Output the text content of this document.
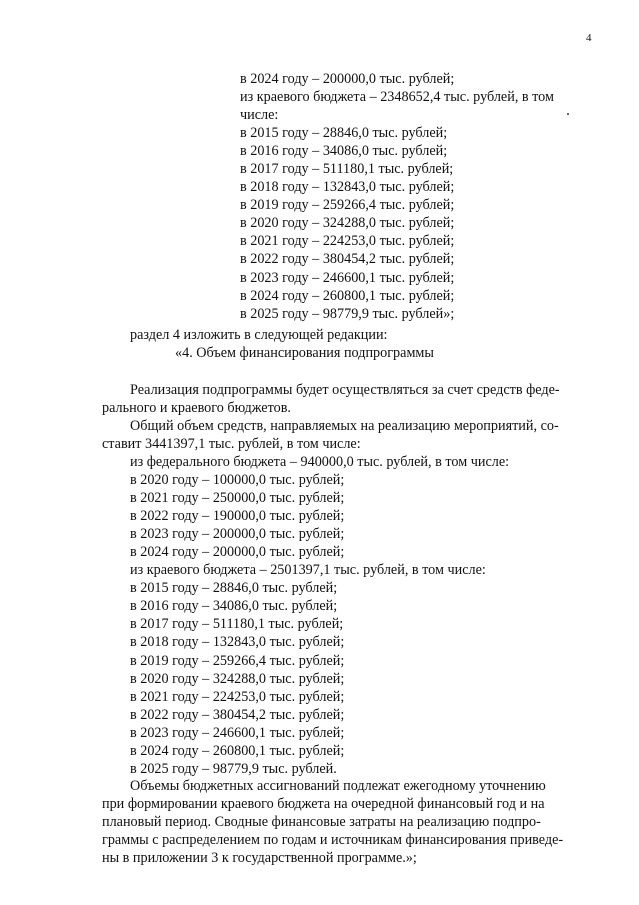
4
в 2024 году – 200000,0 тыс. рублей;
из краевого бюджета – 2348652,4 тыс. рублей, в том
числе:
в 2015 году – 28846,0 тыс. рублей;
в 2016 году – 34086,0 тыс. рублей;
в 2017 году – 511180,1 тыс. рублей;
в 2018 году – 132843,0 тыс. рублей;
в 2019 году – 259266,4 тыс. рублей;
в 2020 году – 324288,0 тыс. рублей;
в 2021 году – 224253,0 тыс. рублей;
в 2022 году – 380454,2 тыс. рублей;
в 2023 году – 246600,1 тыс. рублей;
в 2024 году – 260800,1 тыс. рублей;
в 2025 году – 98779,9 тыс. рублей»;
раздел 4 изложить в следующей редакции:
«4. Объем финансирования подпрограммы
Реализация подпрограммы будет осуществляться за счет средств феде-
рального и краевого бюджетов.
Общий объем средств, направляемых на реализацию мероприятий, со-
ставит 3441397,1 тыс. рублей, в том числе:
из федерального бюджета – 940000,0 тыс. рублей, в том числе:
в 2020 году – 100000,0 тыс. рублей;
в 2021 году – 250000,0 тыс. рублей;
в 2022 году – 190000,0 тыс. рублей;
в 2023 году – 200000,0 тыс. рублей;
в 2024 году – 200000,0 тыс. рублей;
из краевого бюджета – 2501397,1 тыс. рублей, в том числе:
в 2015 году – 28846,0 тыс. рублей;
в 2016 году – 34086,0 тыс. рублей;
в 2017 году – 511180,1 тыс. рублей;
в 2018 году – 132843,0 тыс. рублей;
в 2019 году – 259266,4 тыс. рублей;
в 2020 году – 324288,0 тыс. рублей;
в 2021 году – 224253,0 тыс. рублей;
в 2022 году – 380454,2 тыс. рублей;
в 2023 году – 246600,1 тыс. рублей;
в 2024 году – 260800,1 тыс. рублей;
в 2025 году – 98779,9 тыс. рублей.
Объемы бюджетных ассигнований подлежат ежегодному уточнению
при формировании краевого бюджета на очередной финансовый год и на
плановый период. Сводные финансовые затраты на реализацию подпро-
граммы с распределением по годам и источникам финансирования приведе-
ны в приложении 3 к государственной программе.»;
